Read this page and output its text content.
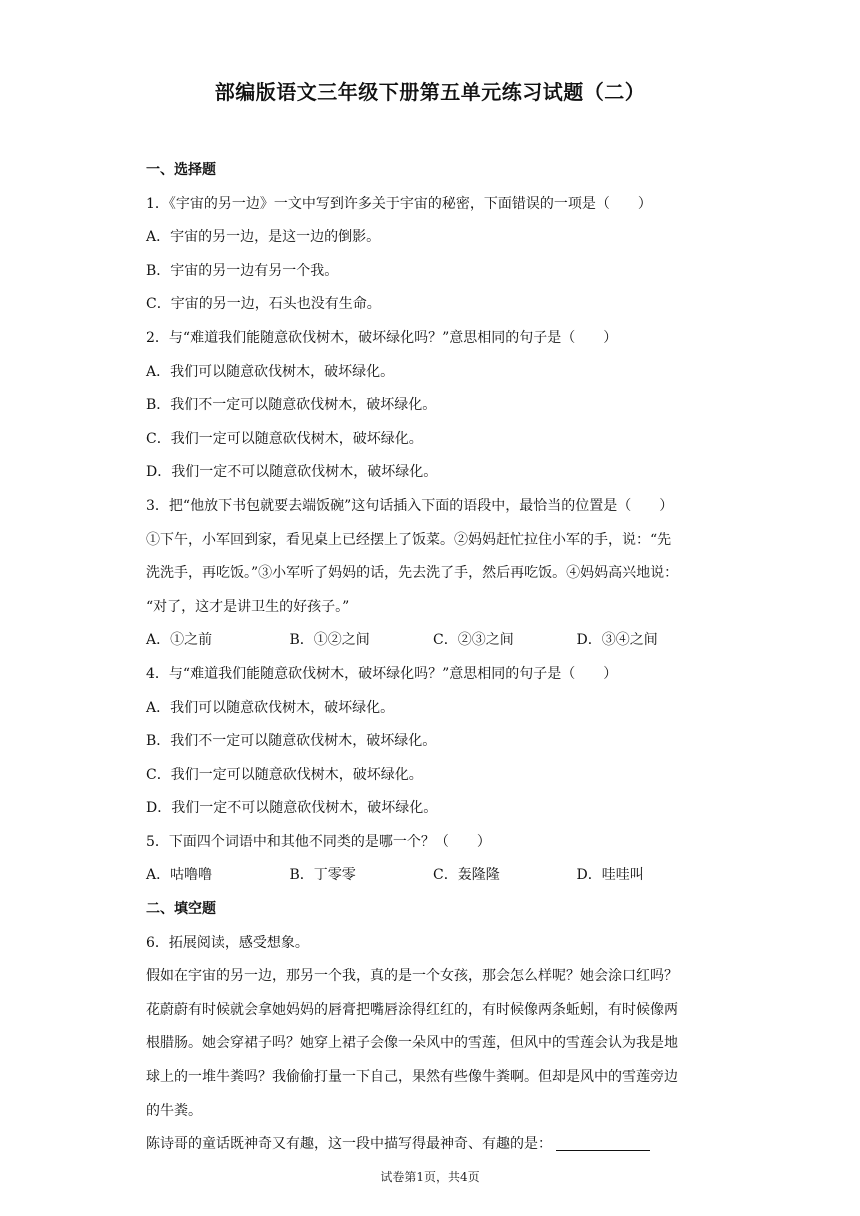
部编版语文三年级下册第五单元练习试题（二）
一、选择题
1．《宇宙的另一边》一文中写到许多关于宇宙的秘密，下面错误的一项是（　　）
A．宇宙的另一边，是这一边的倒影。
B．宇宙的另一边有另一个我。
C．宇宙的另一边，石头也没有生命。
2．与“难道我们能随意砍伐树木，破坏绿化吗？”意思相同的句子是（　　）
A．我们可以随意砍伐树木，破坏绿化。
B．我们不一定可以随意砍伐树木，破坏绿化。
C．我们一定可以随意砍伐树木，破坏绿化。
D．我们一定不可以随意砍伐树木，破坏绿化。
3．把“他放下书包就要去端饭碗”这句话插入下面的语段中，最恰当的位置是（　　）
①下午，小军回到家，看见桌上已经摆上了饭菜。②妈妈赶忙拉住小军的手，说：“先
洗洗手，再吃饭。”③小军听了妈妈的话，先去洗了手，然后再吃饭。④妈妈高兴地说：
“对了，这才是讲卫生的好孩子。”
A．①之前	B．①②之间	C．②③之间	D．③④之间
4．与“难道我们能随意砍伐树木，破坏绿化吗？”意思相同的句子是（　　）
A．我们可以随意砍伐树木，破坏绿化。
B．我们不一定可以随意砍伐树木，破坏绿化。
C．我们一定可以随意砍伐树木，破坏绿化。
D．我们一定不可以随意砍伐树木，破坏绿化。
5．下面四个词语中和其他不同类的是哪一个？（　　）
A．咕噜噜	B．丁零零	C．轰隆隆	D．哇哇叫
二、填空题
6．拓展阅读，感受想象。
假如在宇宙的另一边，那另一个我，真的是一个女孩，那会怎么样呢？她会涂口红吗？
花蔚蔚有时候就会拿她妈妈的唇膏把嘴唇涂得红红的，有时候像两条蚯蚓，有时候像两
根腊肠。她会穿裙子吗？她穿上裙子会像一朵风中的雪莲，但风中的雪莲会认为我是地
球上的一堆牛粪吗？我偷偷打量一下自己，果然有些像牛粪啊。但却是风中的雪莲旁边
的牛粪。
陈诗哥的童话既神奇又有趣，这一段中描写得最神奇、有趣的是：
试卷第1页，共4页
